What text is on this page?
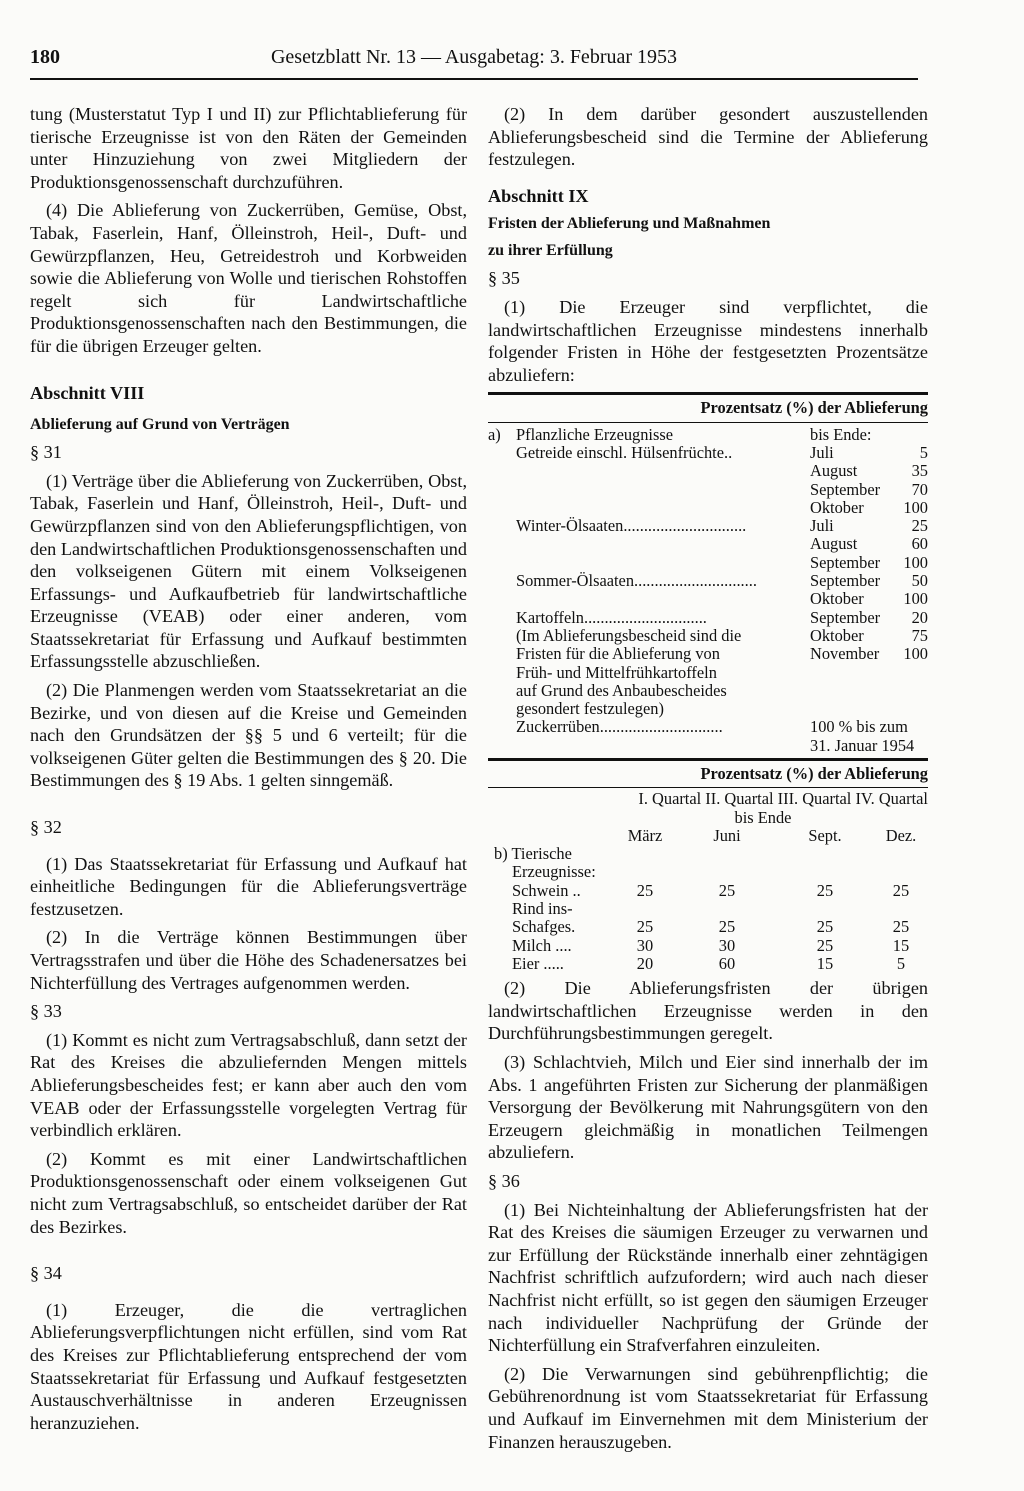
180	Gesetzblatt Nr. 13 — Ausgabetag: 3. Februar 1953

tung (Musterstatut Typ I und II) zur Pflichtablieferung für tierische Erzeugnisse ist von den Räten der Gemeinden unter Hinzuziehung von zwei Mitgliedern der Produktionsgenossenschaft durchzuführen.

(4) Die Ablieferung von Zuckerrüben, Gemüse, Obst, Tabak, Faserlein, Hanf, Ölleinstroh, Heil-, Duft- und Gewürzpflanzen, Heu, Getreidestroh und Korbweiden sowie die Ablieferung von Wolle und tierischen Rohstoffen regelt sich für Landwirtschaftliche Produktionsgenossenschaften nach den Bestimmungen, die für die übrigen Erzeuger gelten.

Abschnitt VIII

Ablieferung auf Grund von Verträgen

§ 31

(1) Verträge über die Ablieferung von Zuckerrüben, Obst, Tabak, Faserlein und Hanf, Ölleinstroh, Heil-, Duft- und Gewürzpflanzen sind von den Ablieferungspflichtigen, von den Landwirtschaftlichen Produktionsgenossenschaften und den volkseigenen Gütern mit einem Volkseigenen Erfassungs- und Aufkaufbetrieb für landwirtschaftliche Erzeugnisse (VEAB) oder einer anderen, vom Staatssekretariat für Erfassung und Aufkauf bestimmten Erfassungsstelle abzuschließen.

(2) Die Planmengen werden vom Staatssekretariat an die Bezirke, und von diesen auf die Kreise und Gemeinden nach den Grundsätzen der §§ 5 und 6 verteilt; für die volkseigenen Güter gelten die Bestimmungen des § 20. Die Bestimmungen des § 19 Abs. 1 gelten sinngemäß.

§ 32

(1) Das Staatssekretariat für Erfassung und Aufkauf hat einheitliche Bedingungen für die Ablieferungsverträge festzusetzen.

(2) In die Verträge können Bestimmungen über Vertragsstrafen und über die Höhe des Schadenersatzes bei Nichterfüllung des Vertrages aufgenommen werden.

§ 33

(1) Kommt es nicht zum Vertragsabschluß, dann setzt der Rat des Kreises die abzuliefernden Mengen mittels Ablieferungsbescheides fest; er kann aber auch den vom VEAB oder der Erfassungsstelle vorgelegten Vertrag für verbindlich erklären.

(2) Kommt es mit einer Landwirtschaftlichen Produktionsgenossenschaft oder einem volkseigenen Gut nicht zum Vertragsabschluß, so entscheidet darüber der Rat des Bezirkes.

§ 34

(1) Erzeuger, die die vertraglichen Ablieferungsverpflichtungen nicht erfüllen, sind vom Rat des Kreises zur Pflichtablieferung entsprechend der vom Staatssekretariat für Erfassung und Aufkauf festgesetzten Austauschverhältnisse in anderen Erzeugnissen heranzuziehen.

(2) In dem darüber gesondert auszustellenden Ablieferungsbescheid sind die Termine der Ablieferung festzulegen.

Abschnitt IX

Fristen der Ablieferung und Maßnahmen

zu ihrer Erfüllung

§ 35

(1) Die Erzeuger sind verpflichtet, die landwirtschaftlichen Erzeugnisse mindestens innerhalb folgender Fristen in Höhe der festgesetzten Prozentsätze abzuliefern:

Prozentsatz (%) der Ablieferung
a) Pflanzliche Erzeugnisse	bis Ende:
Getreide einschl. Hülsenfrüchte ..	Juli	5
August	35
September	70
Oktober	100
Winter-Ölsaaten ..............................	Juli	25
August	60
September	100
Sommer-Ölsaaten ..............................	September	50
Oktober	100
Kartoffeln ..............................	September	20
(Im Ablieferungsbescheid sind die	Oktober	75
Fristen für die Ablieferung von	November	100
Früh- und Mittelfrühkartoffeln
auf Grund des Anbaubescheides
gesondert festzulegen)
Zuckerrüben ..............................	100 % bis zum
31. Januar 1954
Prozentsatz (%) der Ablieferung
I. Quartal II. Quartal III. Quartal IV. Quartal
bis Ende
März	Juni	Sept.	Dez.
b) Tierische
Erzeugnisse:
Schwein ..	25	25	25	25
Rind ins-
Schafges.	25	25	25	25
Milch ....	30	30	25	15
Eier .....	20	60	15	5

(2) Die Ablieferungsfristen der übrigen landwirtschaftlichen Erzeugnisse werden in den Durchführungsbestimmungen geregelt.

(3) Schlachtvieh, Milch und Eier sind innerhalb der im Abs. 1 angeführten Fristen zur Sicherung der planmäßigen Versorgung der Bevölkerung mit Nahrungsgütern von den Erzeugern gleichmäßig in monatlichen Teilmengen abzuliefern.

§ 36

(1) Bei Nichteinhaltung der Ablieferungsfristen hat der Rat des Kreises die säumigen Erzeuger zu verwarnen und zur Erfüllung der Rückstände innerhalb einer zehntägigen Nachfrist schriftlich aufzufordern; wird auch nach dieser Nachfrist nicht erfüllt, so ist gegen den säumigen Erzeuger nach individueller Nachprüfung der Gründe der Nichterfüllung ein Strafverfahren einzuleiten.

(2) Die Verwarnungen sind gebührenpflichtig; die Gebührenordnung ist vom Staatssekretariat für Erfassung und Aufkauf im Einvernehmen mit dem Ministerium der Finanzen herauszugeben.
